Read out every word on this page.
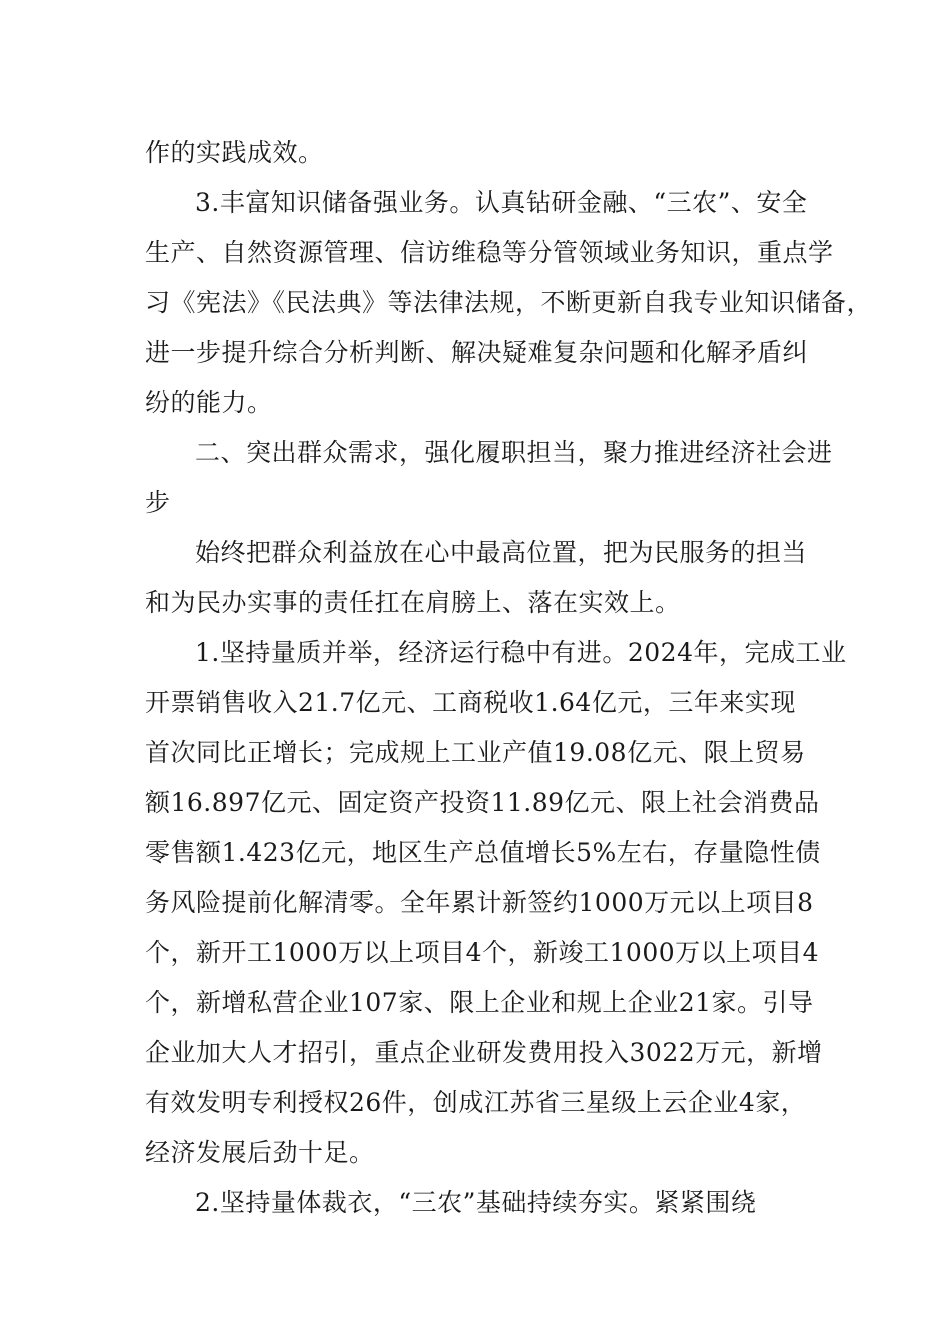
作的实践成效。
3.丰富知识储备强业务。认真钻研金融、“三农”、安全
生产、自然资源管理、信访维稳等分管领域业务知识，重点学
习《宪法》《民法典》等法律法规，不断更新自我专业知识储备，
进一步提升综合分析判断、解决疑难复杂问题和化解矛盾纠
纷的能力。
二、突出群众需求，强化履职担当，聚力推进经济社会进
步
始终把群众利益放在心中最高位置，把为民服务的担当
和为民办实事的责任扛在肩膀上、落在实效上。
1.坚持量质并举，经济运行稳中有进。2024年，完成工业
开票销售收入21.7亿元、工商税收1.64亿元，三年来实现
首次同比正增长；完成规上工业产值19.08亿元、限上贸易
额16.897亿元、固定资产投资11.89亿元、限上社会消费品
零售额1.423亿元，地区生产总值增长5%左右，存量隐性债
务风险提前化解清零。全年累计新签约1000万元以上项目8
个，新开工1000万以上项目4个，新竣工1000万以上项目4
个，新增私营企业107家、限上企业和规上企业21家。引导
企业加大人才招引，重点企业研发费用投入3022万元，新增
有效发明专利授权26件，创成江苏省三星级上云企业4家，
经济发展后劲十足。
2.坚持量体裁衣，“三农”基础持续夯实。紧紧围绕
